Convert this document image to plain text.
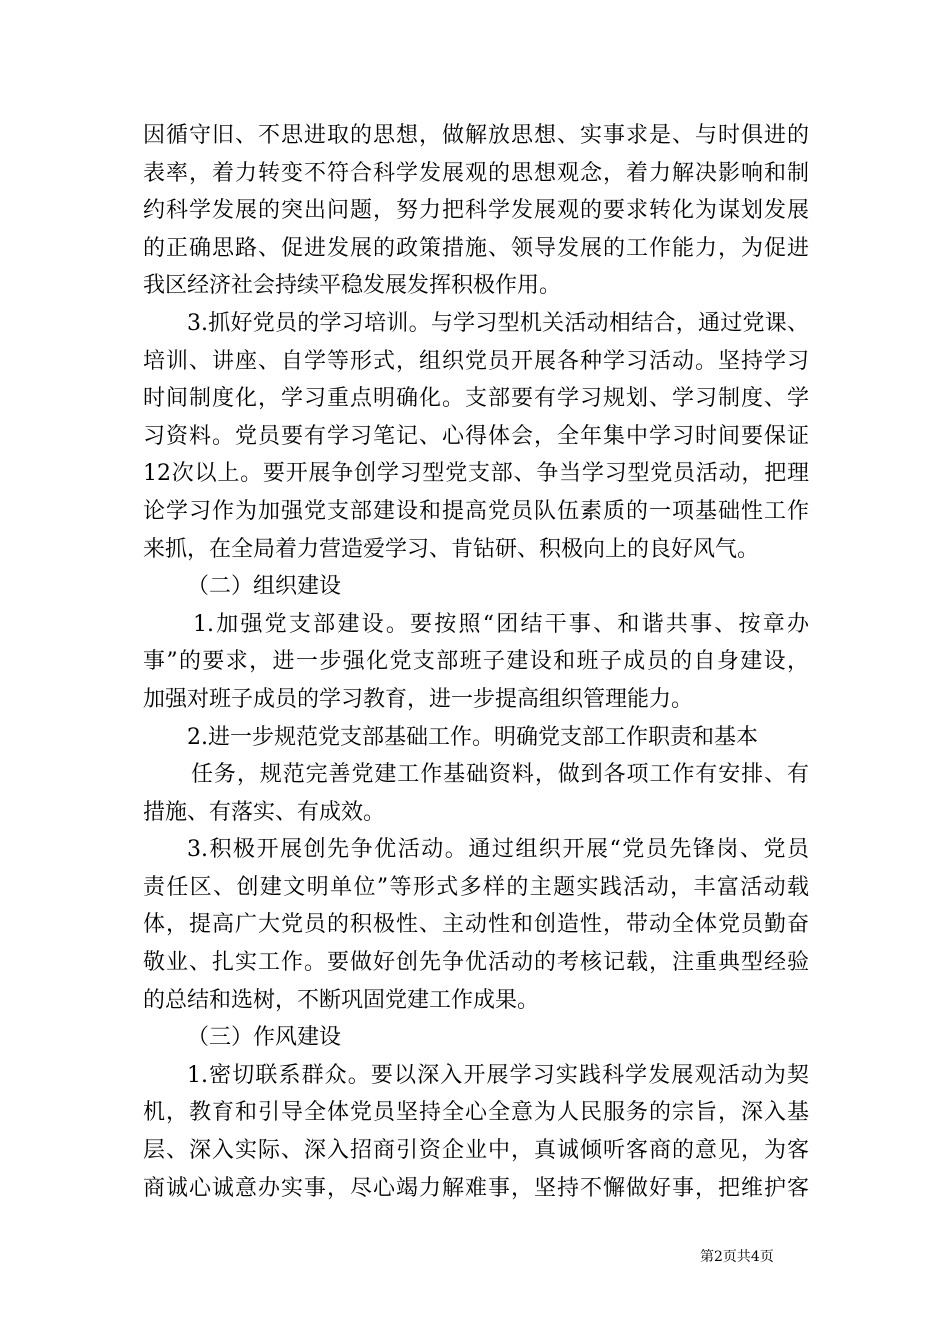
因循守旧、不思进取的思想，做解放思想、实事求是、与时俱进的
表率，着力转变不符合科学发展观的思想观念，着力解决影响和制
约科学发展的突出问题，努力把科学发展观的要求转化为谋划发展
的正确思路、促进发展的政策措施、领导发展的工作能力，为促进
我区经济社会持续平稳发展发挥积极作用。
3.抓好党员的学习培训。与学习型机关活动相结合，通过党课、
培训、讲座、自学等形式，组织党员开展各种学习活动。坚持学习
时间制度化，学习重点明确化。支部要有学习规划、学习制度、学
习资料。党员要有学习笔记、心得体会，全年集中学习时间要保证
12次以上。要开展争创学习型党支部、争当学习型党员活动，把理
论学习作为加强党支部建设和提高党员队伍素质的一项基础性工作
来抓，在全局着力营造爱学习、肯钻研、积极向上的良好风气。
（二）组织建设
1.加强党支部建设。要按照“团结干事、和谐共事、按章办
事”的要求，进一步强化党支部班子建设和班子成员的自身建设，
加强对班子成员的学习教育，进一步提高组织管理能力。
2.进一步规范党支部基础工作。明确党支部工作职责和基本
任务，规范完善党建工作基础资料，做到各项工作有安排、有
措施、有落实、有成效。
3.积极开展创先争优活动。通过组织开展“党员先锋岗、党员
责任区、创建文明单位”等形式多样的主题实践活动，丰富活动载
体，提高广大党员的积极性、主动性和创造性，带动全体党员勤奋
敬业、扎实工作。要做好创先争优活动的考核记载，注重典型经验
的总结和选树，不断巩固党建工作成果。
（三）作风建设
1.密切联系群众。要以深入开展学习实践科学发展观活动为契
机，教育和引导全体党员坚持全心全意为人民服务的宗旨，深入基
层、深入实际、深入招商引资企业中，真诚倾听客商的意见，为客
商诚心诚意办实事，尽心竭力解难事，坚持不懈做好事，把维护客
第2页共4页
